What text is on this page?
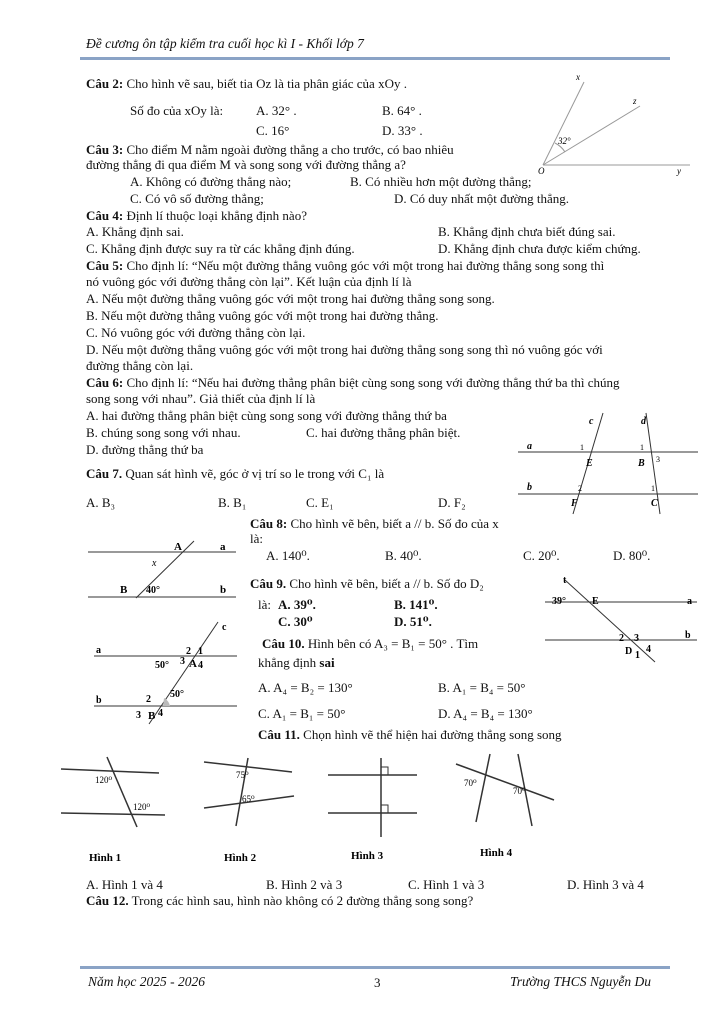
Đề cương ôn tập kiểm tra cuối học kì I - Khối lớp 7
Câu 2: Cho hình vẽ sau, biết tia Oz là tia phân giác của xOy .
Số đo của xOy là:	A. 32° .	B. 64° .
C. 16°	D. 33° .
x
z
32°
O	y
Câu 3: Cho điểm M nằm ngoài đường thẳng a cho trước, có bao nhiêu
đường thẳng đi qua điểm M và song song với đường thẳng a?
A. Không có đường thẳng nào;	B. Có nhiều hơn một đường thẳng;
C. Có vô số đường thẳng;	D. Có duy nhất một đường thẳng.
Câu 4: Định lí thuộc loại khẳng định nào?
A. Khẳng định sai.	B. Khẳng định chưa biết đúng sai.
C. Khẳng định được suy ra từ các khẳng định đúng.	D. Khẳng định chưa được kiểm chứng.
Câu 5: Cho định lí: “Nếu một đường thẳng vuông góc với một trong hai đường thẳng song song thì
nó vuông góc với đường thẳng còn lại”. Kết luận của định lí là
A. Nếu một đường thẳng vuông góc với một trong hai đường thẳng song song.
B. Nếu một đường thẳng vuông góc với một trong hai đường thẳng.
C. Nó vuông góc với đường thẳng còn lại.
D. Nếu một đường thẳng vuông góc với một trong hai đường thẳng song song thì nó vuông góc với
đường thẳng còn lại.
Câu 6: Cho định lí: “Nếu hai đường thẳng phân biệt cùng song song với đường thẳng thứ ba thì chúng
song song với nhau”. Giả thiết của định lí là
A. hai đường thẳng phân biệt cùng song song với đường thẳng thứ ba
B. chúng song song với nhau.	C. hai đường thẳng phân biệt.
D. đường thẳng thứ ba
c	d
a
b
1	1
3
E	B
2	1
F	C
Câu 7. Quan sát hình vẽ, góc ở vị trí so le trong với C₁ là
A. B₃	B. B₁	C. E₁	D. F₂
Câu 8: Cho hình vẽ bên, biết a // b. Số đo của x
là:
A. 140⁰.	B. 40⁰.	C. 20⁰.	D. 80⁰.
A	a
x
B 40°	b Câu 9. Cho hình vẽ bên, biết a // b. Số đo D₂
là: A. 39⁰.	B. 141⁰.
C. 30⁰	D. 51⁰.
t
39°	E	a
b
2 3
D 1
4
c
a	2 1
3 A 4
50°
50°
b	2
3 B 4
Câu 10. Hình bên có A₃ = B₁ = 50° . Tìm
khẳng định sai
A. A₄ = B₂ = 130°	B. A₁ = B₄ = 50°
C. A₁ = B₁ = 50°	D. A₄ = B₄ = 130°
Câu 11. Chọn hình vẽ thể hiện hai đường thẳng song song
120⁰
120⁰
Hình 1
75⁰
65⁰
Hình 2	Hình 3
70⁰
70⁰
Hình 4
A. Hình 1 và 4	B. Hình 2 và 3	C. Hình 1 và 3	D. Hình 3 và 4
Câu 12. Trong các hình sau, hình nào không có 2 đường thẳng song song?
Năm học 2025 - 2026	3	Trường THCS Nguyễn Du
